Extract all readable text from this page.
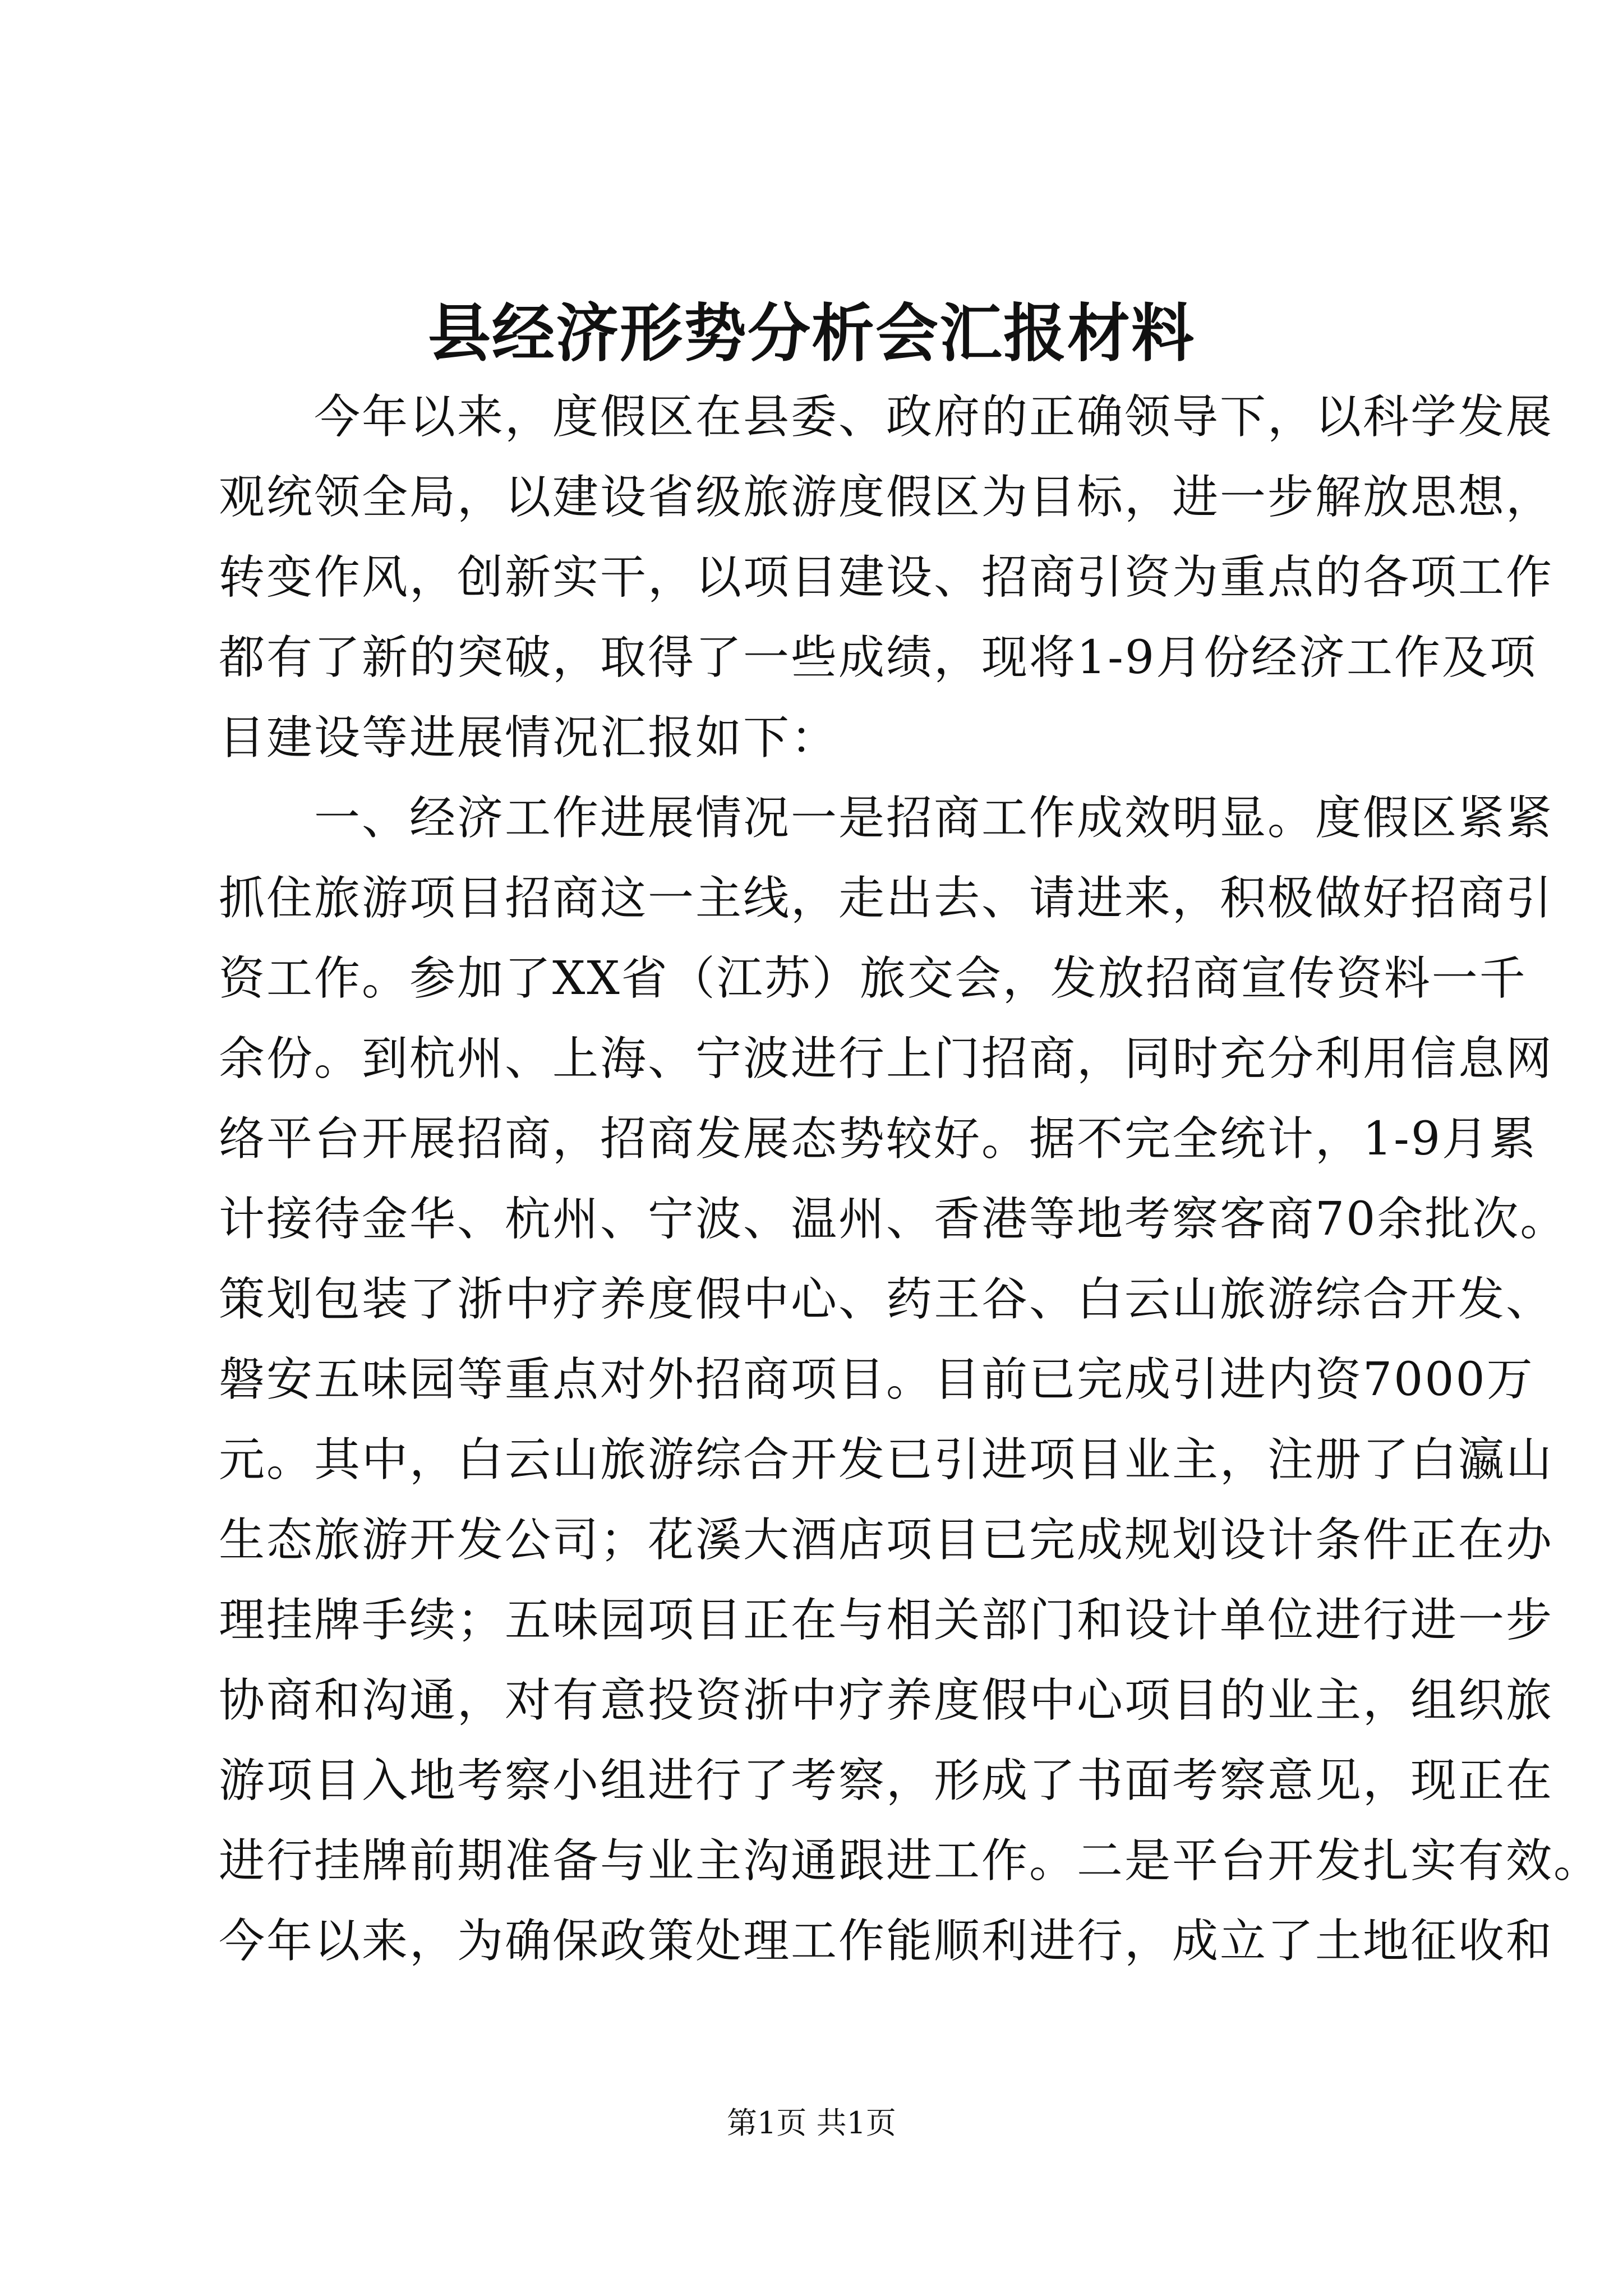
县经济形势分析会汇报材料
　　今年以来，度假区在县委、政府的正确领导下，以科学发展
观统领全局，以建设省级旅游度假区为目标，进一步解放思想，
转变作风，创新实干，以项目建设、招商引资为重点的各项工作
都有了新的突破，取得了一些成绩，现将1-9月份经济工作及项
目建设等进展情况汇报如下：
　　一、经济工作进展情况一是招商工作成效明显。度假区紧紧
抓住旅游项目招商这一主线，走出去、请进来，积极做好招商引
资工作。参加了XX省（江苏）旅交会，发放招商宣传资料一千
余份。到杭州、上海、宁波进行上门招商，同时充分利用信息网
络平台开展招商，招商发展态势较好。据不完全统计，1-9月累
计接待金华、杭州、宁波、温州、香港等地考察客商70余批次。
策划包装了浙中疗养度假中心、药王谷、白云山旅游综合开发、
磐安五味园等重点对外招商项目。目前已完成引进内资7000万
元。其中，白云山旅游综合开发已引进项目业主，注册了白瀛山
生态旅游开发公司；花溪大酒店项目已完成规划设计条件正在办
理挂牌手续；五味园项目正在与相关部门和设计单位进行进一步
协商和沟通，对有意投资浙中疗养度假中心项目的业主，组织旅
游项目入地考察小组进行了考察，形成了书面考察意见，现正在
进行挂牌前期准备与业主沟通跟进工作。二是平台开发扎实有效。
今年以来，为确保政策处理工作能顺利进行，成立了土地征收和
第1页 共1页
